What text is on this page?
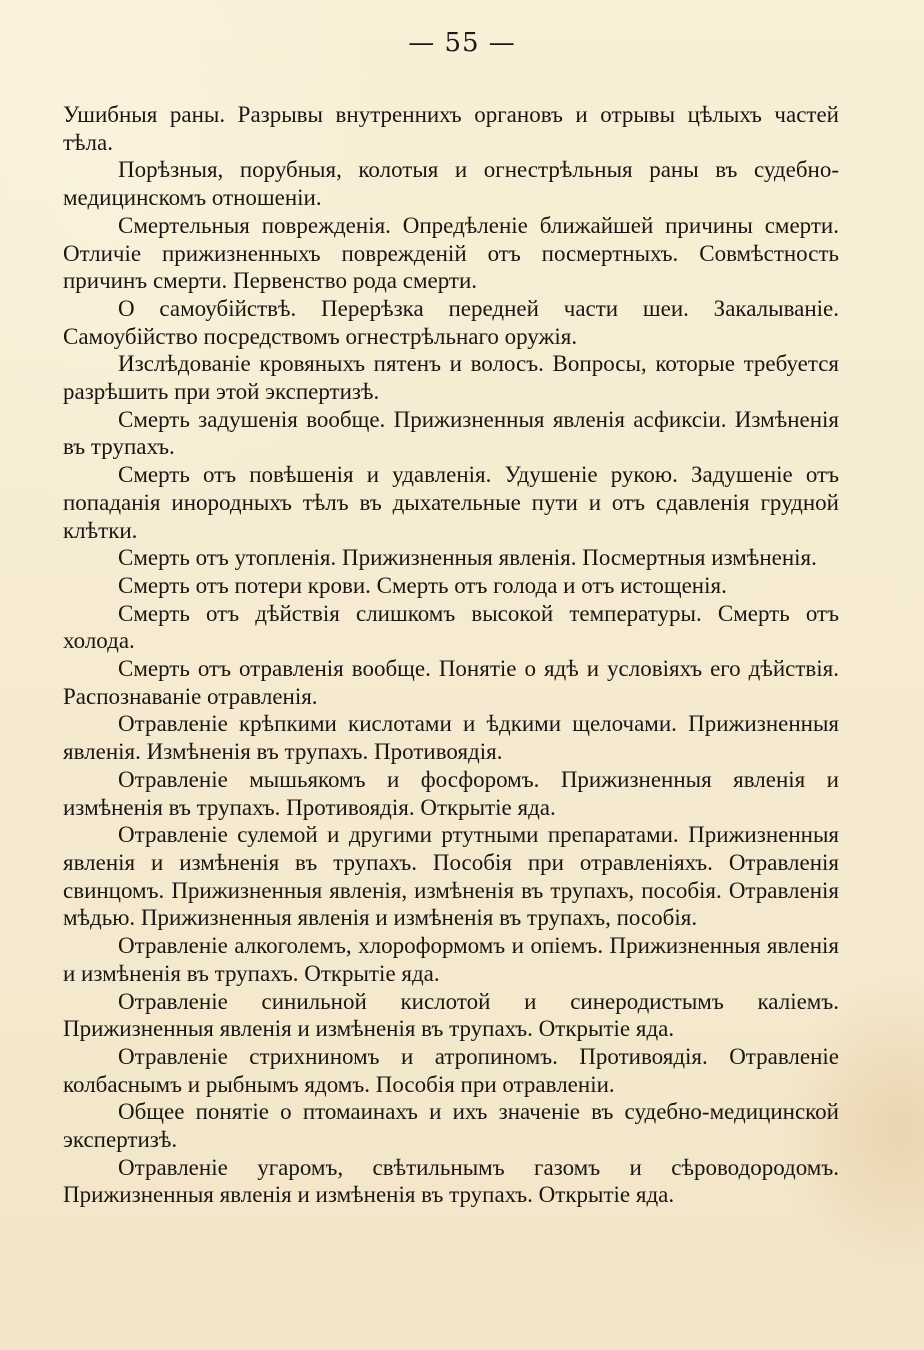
— 55 —

Ушибныя раны. Разрывы внутреннихъ органовъ и отрывы цѣлыхъ частей тѣла.

Порѣзныя, порубныя, колотыя и огнестрѣльныя раны въ судебно-медицинскомъ отношеніи.

Смертельныя поврежденія. Опредѣленіе ближайшей причины смерти. Отличіе прижизненныхъ поврежденій отъ посмертныхъ. Совмѣстность причинъ смерти. Первенство рода смерти.

О самоубійствѣ. Перерѣзка передней части шеи. Закалываніе. Самоубійство посредствомъ огнестрѣльнаго оружія.

Изслѣдованіе кровяныхъ пятенъ и волосъ. Вопросы, которые требуется разрѣшить при этой экспертизѣ.

Смерть задушенія вообще. Прижизненныя явленія асфиксіи. Измѣненія въ трупахъ.

Смерть отъ повѣшенія и удавленія. Удушеніе рукою. Задушеніе отъ попаданія инородныхъ тѣлъ въ дыхательные пути и отъ сдавленія грудной клѣтки.

Смерть отъ утопленія. Прижизненныя явленія. Посмертныя измѣненія.

Смерть отъ потери крови. Смерть отъ голода и отъ истощенія.

Смерть отъ дѣйствія слишкомъ высокой температуры. Смерть отъ холода.

Смерть отъ отравленія вообще. Понятіе о ядѣ и условіяхъ его дѣйствія. Распознаваніе отравленія.

Отравленіе крѣпкими кислотами и ѣдкими щелочами. Прижизненныя явленія. Измѣненія въ трупахъ. Противоядія.

Отравленіе мышьякомъ и фосфоромъ. Прижизненныя явленія и измѣненія въ трупахъ. Противоядія. Открытіе яда.

Отравленіе сулемой и другими ртутными препаратами. Прижизненныя явленія и измѣненія въ трупахъ. Пособія при отравленіяхъ. Отравленія свинцомъ. Прижизненныя явленія, измѣненія въ трупахъ, пособія. Отравленія мѣдью. Прижизненныя явленія и измѣненія въ трупахъ, пособія.

Отравленіе алкоголемъ, хлороформомъ и опіемъ. Прижизненныя явленія и измѣненія въ трупахъ. Открытіе яда.

Отравленіе синильной кислотой и синеродистымъ каліемъ. Прижизненныя явленія и измѣненія въ трупахъ. Открытіе яда.

Отравленіе стрихниномъ и атропиномъ. Противоядія. Отравленіе колбаснымъ и рыбнымъ ядомъ. Пособія при отравленіи.

Общее понятіе о птомаинахъ и ихъ значеніе въ судебно-медицинской экспертизѣ.

Отравленіе угаромъ, свѣтильнымъ газомъ и сѣроводородомъ. Прижизненныя явленія и измѣненія въ трупахъ. Открытіе яда.
